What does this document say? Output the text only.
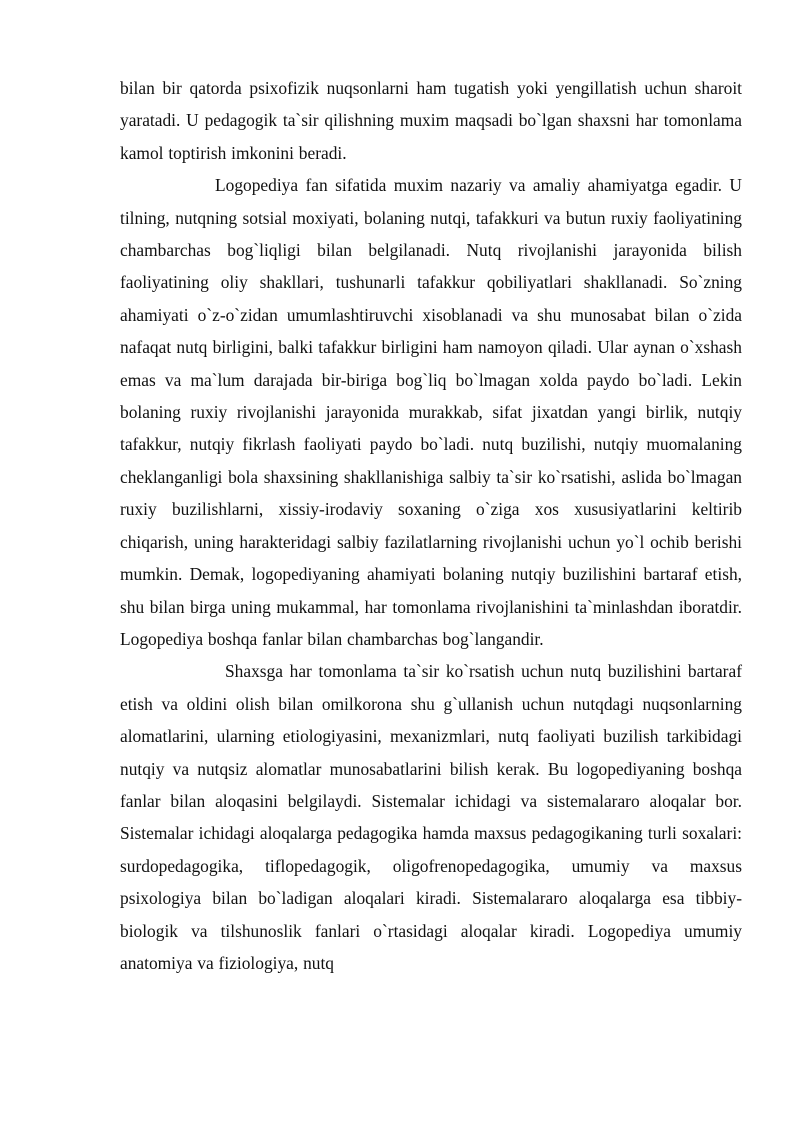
bilan bir qatorda psixofizik nuqsonlarni ham tugatish yoki yengillatish uchun sharoit yaratadi. U pedagogik ta`sir qilishning muxim maqsadi bo`lgan shaxsni har tomonlama kamol toptirish imkonini beradi.

Logopediya fan sifatida muxim nazariy va amaliy ahamiyatga egadir. U tilning, nutqning sotsial moxiyati, bolaning nutqi, tafakkuri va butun ruxiy faoliyatining chambarchas bog`liqligi bilan belgilanadi. Nutq rivojlanishi jarayonida bilish faoliyatining oliy shakllari, tushunarli tafakkur qobiliyatlari shakllanadi. So`zning ahamiyati o`z-o`zidan umumlashtiruvchi xisoblanadi va shu munosabat bilan o`zida nafaqat nutq birligini, balki tafakkur birligini ham namoyon qiladi. Ular aynan o`xshash emas va ma`lum darajada bir-biriga bog`liq bo`lmagan xolda paydo bo`ladi. Lekin bolaning ruxiy rivojlanishi jarayonida murakkab, sifat jixatdan yangi birlik, nutqiy tafakkur, nutqiy fikrlash faoliyati paydo bo`ladi. nutq buzilishi, nutqiy muomalaning cheklanganligi bola shaxsining shakllanishiga salbiy ta`sir ko`rsatishi, aslida bo`lmagan ruxiy buzilishlarni, xissiy-irodaviy soxaning o`ziga xos xususiyatlarini keltirib chiqarish, uning harakteridagi salbiy fazilatlarning rivojlanishi uchun yo`l ochib berishi mumkin. Demak, logopediyaning ahamiyati bolaning nutqiy buzilishini bartaraf etish, shu bilan birga uning mukammal, har tomonlama rivojlanishini ta`minlashdan iboratdir. Logopediya boshqa fanlar bilan chambarchas bog`langandir.

Shaxsga har tomonlama ta`sir ko`rsatish uchun nutq buzilishini bartaraf etish va oldini olish bilan omilkorona shu g`ullanish uchun nutqdagi nuqsonlarning alomatlarini, ularning etiologiyasini, mexanizmlari, nutq faoliyati buzilish tarkibidagi nutqiy va nutqsiz alomatlar munosabatlarini bilish kerak. Bu logopediyaning boshqa fanlar bilan aloqasini belgilaydi. Sistemalar ichidagi va sistemalararo aloqalar bor. Sistemalar ichidagi aloqalarga pedagogika hamda maxsus pedagogikaning turli soxalari: surdopedagogika, tiflopedagogik, oligofrenopedagogika, umumiy va maxsus psixologiya bilan bo`ladigan aloqalari kiradi. Sistemalararo aloqalarga esa tibbiy-biologik va tilshunoslik fanlari o`rtasidagi aloqalar kiradi. Logopediya umumiy anatomiya va fiziologiya, nutq
